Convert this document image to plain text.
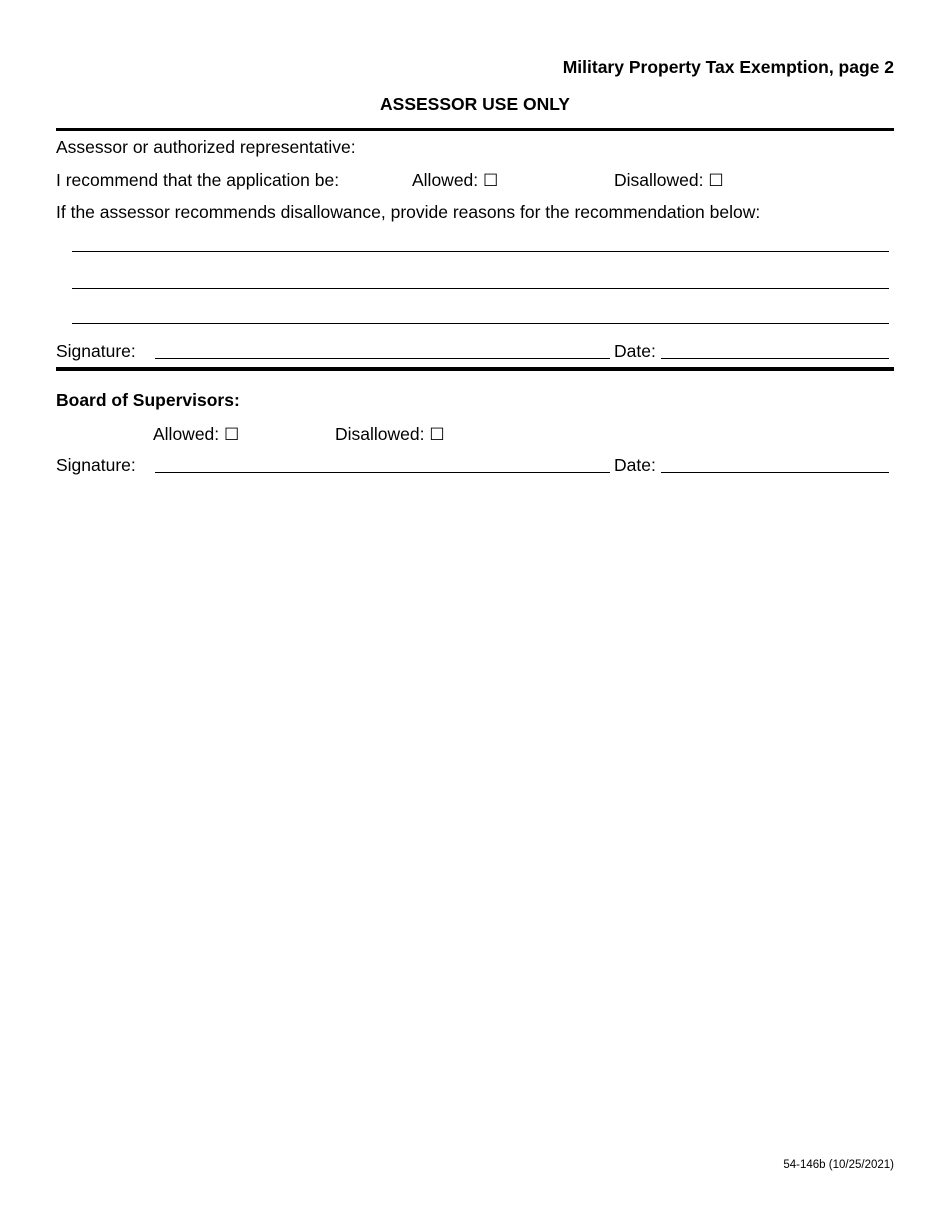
Military Property Tax Exemption, page 2
ASSESSOR USE ONLY
Assessor or authorized representative:
I recommend that the application be:	Allowed: ☐	Disallowed: ☐
If the assessor recommends disallowance, provide reasons for the recommendation below:
Signature:	Date:
Board of Supervisors:
Allowed: ☐	Disallowed: ☐
Signature:	Date:
54-146b (10/25/2021)
